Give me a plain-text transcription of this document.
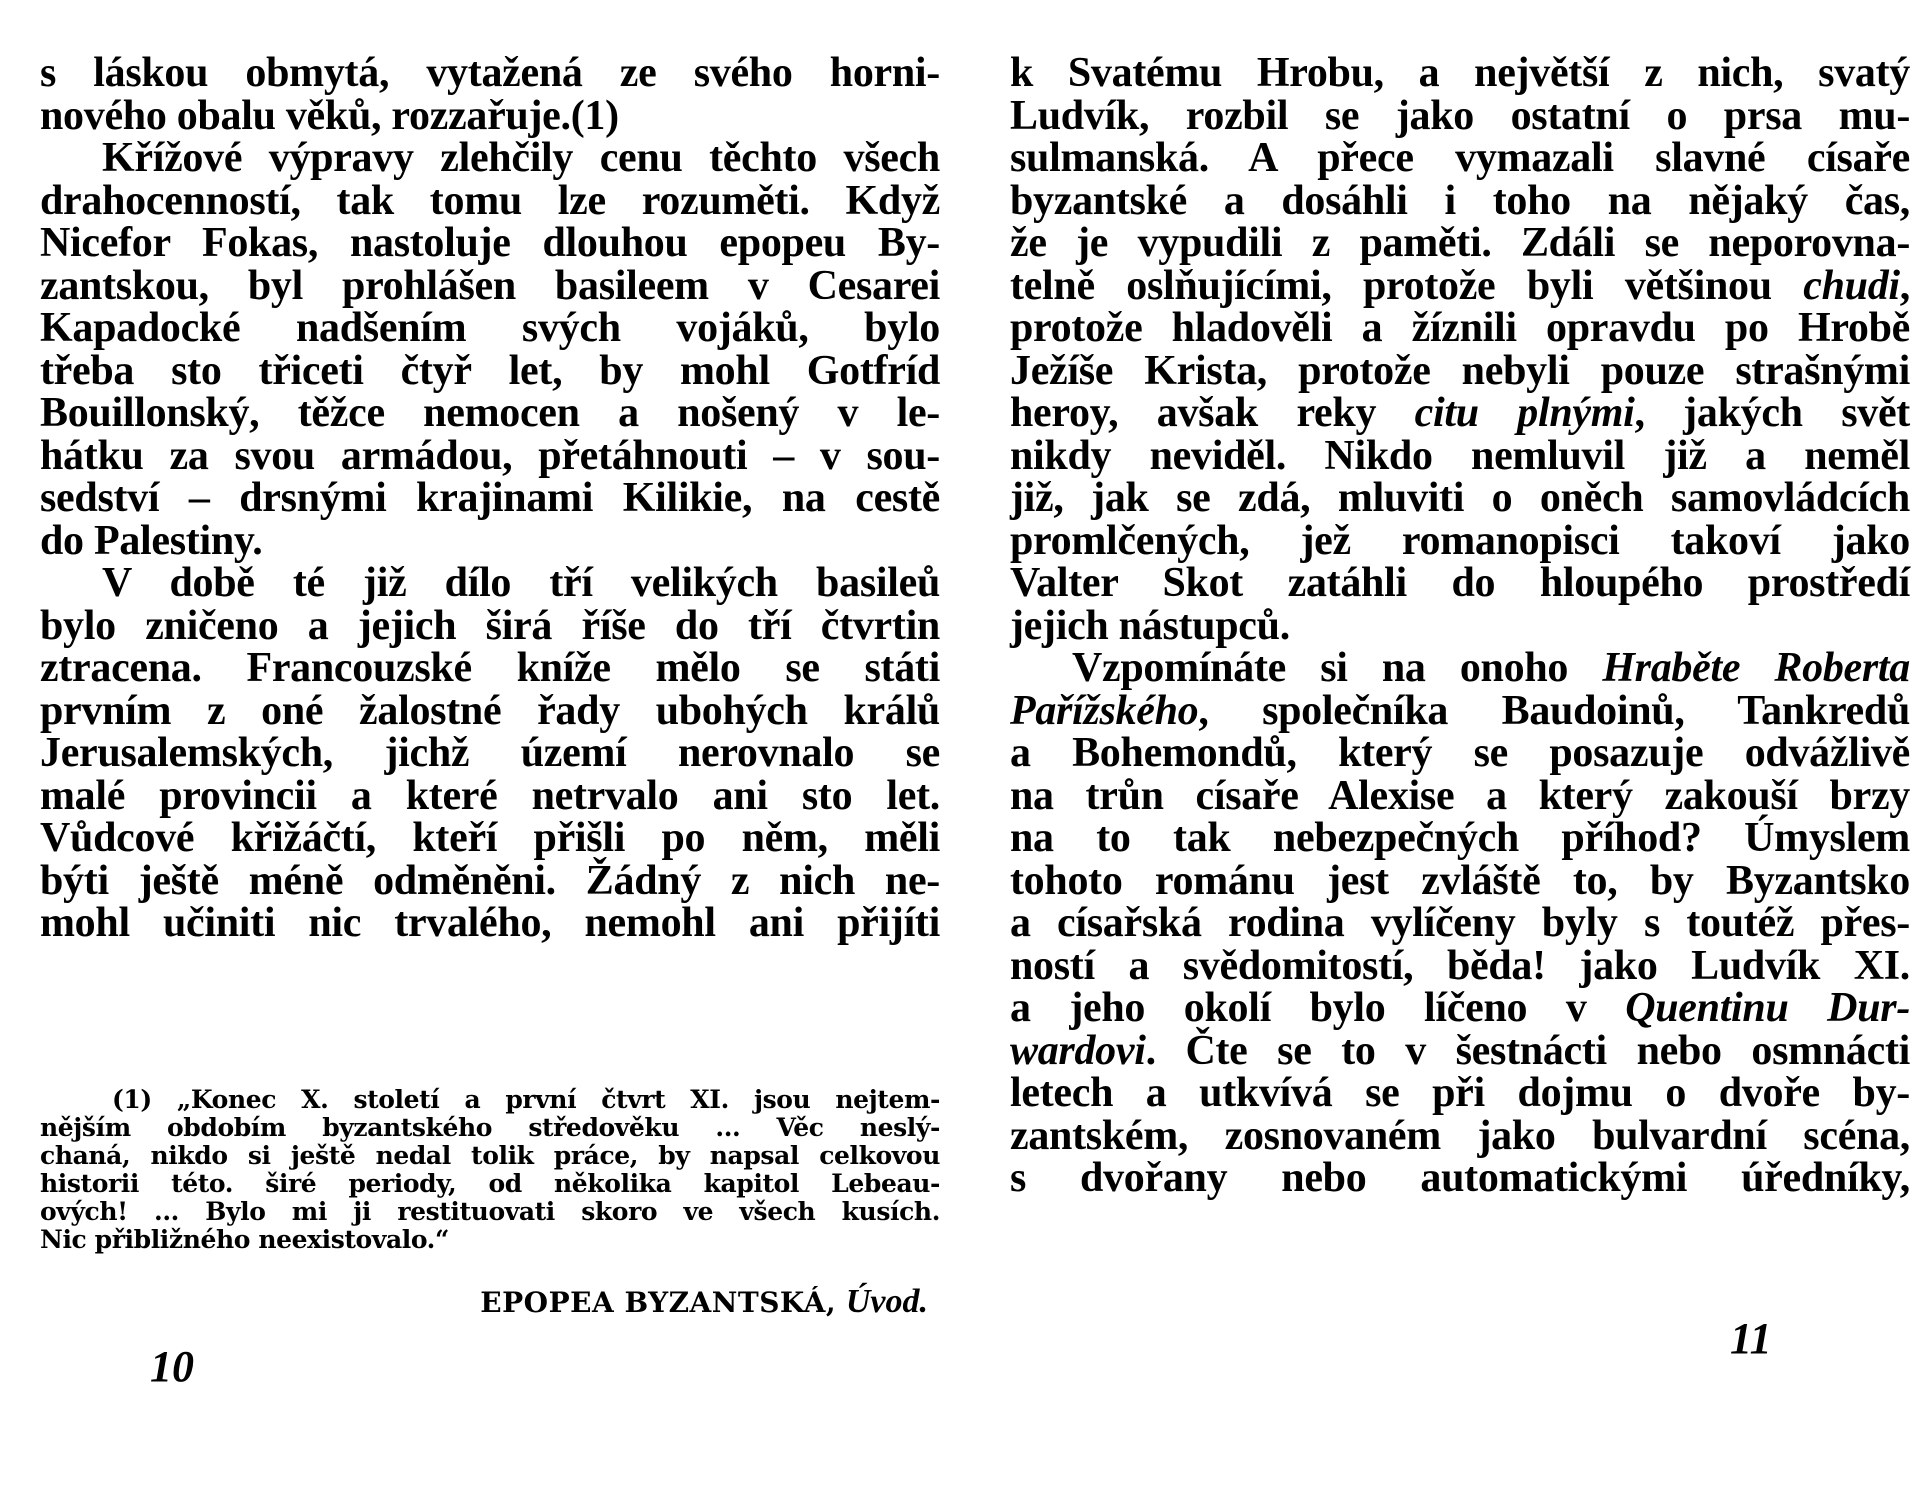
s láskou obmytá, vytažená ze svého horni-
nového obalu věků, rozzařuje.(1)
Křížové výpravy zlehčily cenu těchto všech
drahocenností, tak tomu lze rozuměti. Když
Nicefor Fokas, nastoluje dlouhou epopeu By-
zantskou, byl prohlášen basileem v Cesarei
Kapadocké nadšením svých vojáků, bylo
třeba sto třiceti čtyř let, by mohl Gotfríd
Bouillonský, těžce nemocen a nošený v le-
hátku za svou armádou, přetáhnouti – v sou-
sedství – drsnými krajinami Kilikie, na cestě
do Palestiny.
V době té již dílo tří velikých basileů
bylo zničeno a jejich širá říše do tří čtvrtin
ztracena. Francouzské kníže mělo se státi
prvním z oné žalostné řady ubohých králů
Jerusalemských, jichž území nerovnalo se
malé provincii a které netrvalo ani sto let.
Vůdcové křižáčtí, kteří přišli po něm, měli
býti ještě méně odměněni. Žádný z nich ne-
mohl učiniti nic trvalého, nemohl ani přijíti
(1) „Konec X. století a první čtvrt XI. jsou nejtem-
nějším obdobím byzantského středověku ... Věc neslý-
chaná, nikdo si ještě nedal tolik práce, by napsal celkovou
historii této. širé periody, od několika kapitol Lebeau-
ových! ... Bylo mi ji restituovati skoro ve všech kusích.
Nic přibližného neexistovalo.“
EPOPEA BYZANTSKÁ, Úvod.
10
k Svatému Hrobu, a největší z nich, svatý
Ludvík, rozbil se jako ostatní o prsa mu-
sulmanská. A přece vymazali slavné císaře
byzantské a dosáhli i toho na nějaký čas,
že je vypudili z paměti. Zdáli se neporovna-
telně oslňujícími, protože byli většinou chudi,
protože hladověli a žíznili opravdu po Hrobě
Ježíše Krista, protože nebyli pouze strašnými
heroy, avšak reky citu plnými, jakých svět
nikdy neviděl. Nikdo nemluvil již a neměl
již, jak se zdá, mluviti o oněch samovládcích
promlčených, jež romanopisci takoví jako
Valter Skot zatáhli do hloupého prostředí
jejich nástupců.
Vzpomínáte si na onoho Hraběte Roberta
Pařížského, společníka Baudoinů, Tankredů
a Bohemondů, který se posazuje odvážlivě
na trůn císaře Alexise a který zakouší brzy
na to tak nebezpečných příhod? Úmyslem
tohoto románu jest zvláště to, by Byzantsko
a císařská rodina vylíčeny byly s toutéž přes-
ností a svědomitostí, běda! jako Ludvík XI.
a jeho okolí bylo líčeno v Quentinu Dur-
wardovi. Čte se to v šestnácti nebo osmnácti
letech a utkvívá se při dojmu o dvoře by-
zantském, zosnovaném jako bulvardní scéna,
s dvořany nebo automatickými úředníky,
11
